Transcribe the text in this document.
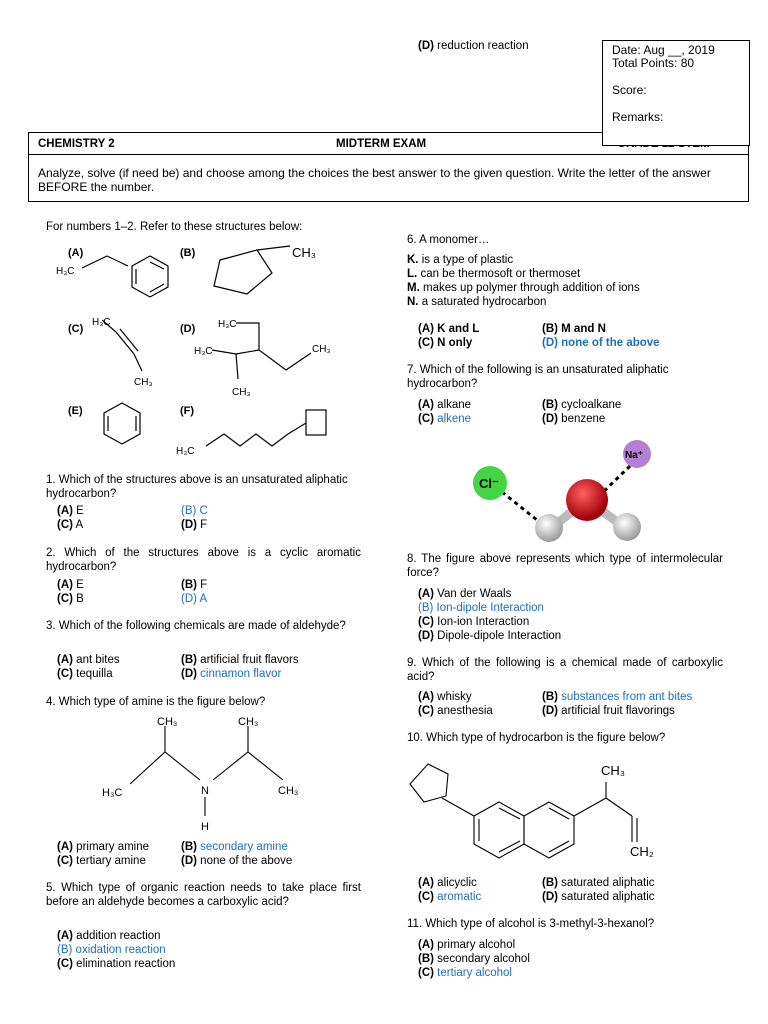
(D) reduction reaction	Date: Aug __, 2019
Total Points: 80
Score:
Remarks:
CHEMISTRY 2	MIDTERM EXAM
Analyze, solve (if need be) and choose among the choices the best answer to the given question. Write the letter of the answer BEFORE the number.
For numbers 1–2. Refer to these structures below:
(A)	(B)
(C)	(D)
(E)	(F)
H₃C
CH₃
H₃C
CH₃
H₃C
H₃C	CH₃
CH₃
H₃C
1. Which of the structures above is an unsaturated aliphatic hydrocarbon?
(A) E	(B) C
(C) A	(D) F
2. Which of the structures above is a cyclic aromatic hydrocarbon?
(A) E	(B) F
(C) B	(D) A
3. Which of the following chemicals are made of aldehyde?
(A) ant bites	(B) artificial fruit flavors
(C) tequilla	(D) cinnamon flavor
4. Which type of amine is the figure below?
CH₃	CH₃
H₃C	CH₃
N
H
(A) primary amine	(B) secondary amine
(C) tertiary amine	(D) none of the above
5. Which type of organic reaction needs to take place first before an aldehyde becomes a carboxylic acid?
(A) addition reaction
(B) oxidation reaction
(C) elimination reaction
6. A monomer…
K. is a type of plastic
L. can be thermosoft or thermoset
M. makes up polymer through addition of ions
N. a saturated hydrocarbon
(A) K and L	(B) M and N
(C) N only	(D) none of the above
7. Which of the following is an unsaturated aliphatic hydrocarbon?
(A) alkane	(B) cycloalkane
(C) alkene	(D) benzene
Cl⁻
Na⁺
8. The figure above represents which type of intermolecular force?
(A) Van der Waals
(B) Ion-dipole Interaction
(C) Ion-ion Interaction
(D) Dipole-dipole Interaction
9. Which of the following is a chemical made of carboxylic acid?
(A) whisky	(B) substances from ant bites
(C) anesthesia	(D) artificial fruit flavorings
10. Which type of hydrocarbon is the figure below?
CH₃
CH₂
(A) alicyclic	(B) saturated aliphatic
(C) aromatic	(D) saturated aliphatic
11. Which type of alcohol is 3-methyl-3-hexanol?
(A) primary alcohol
(B) secondary alcohol
(C) tertiary alcohol
